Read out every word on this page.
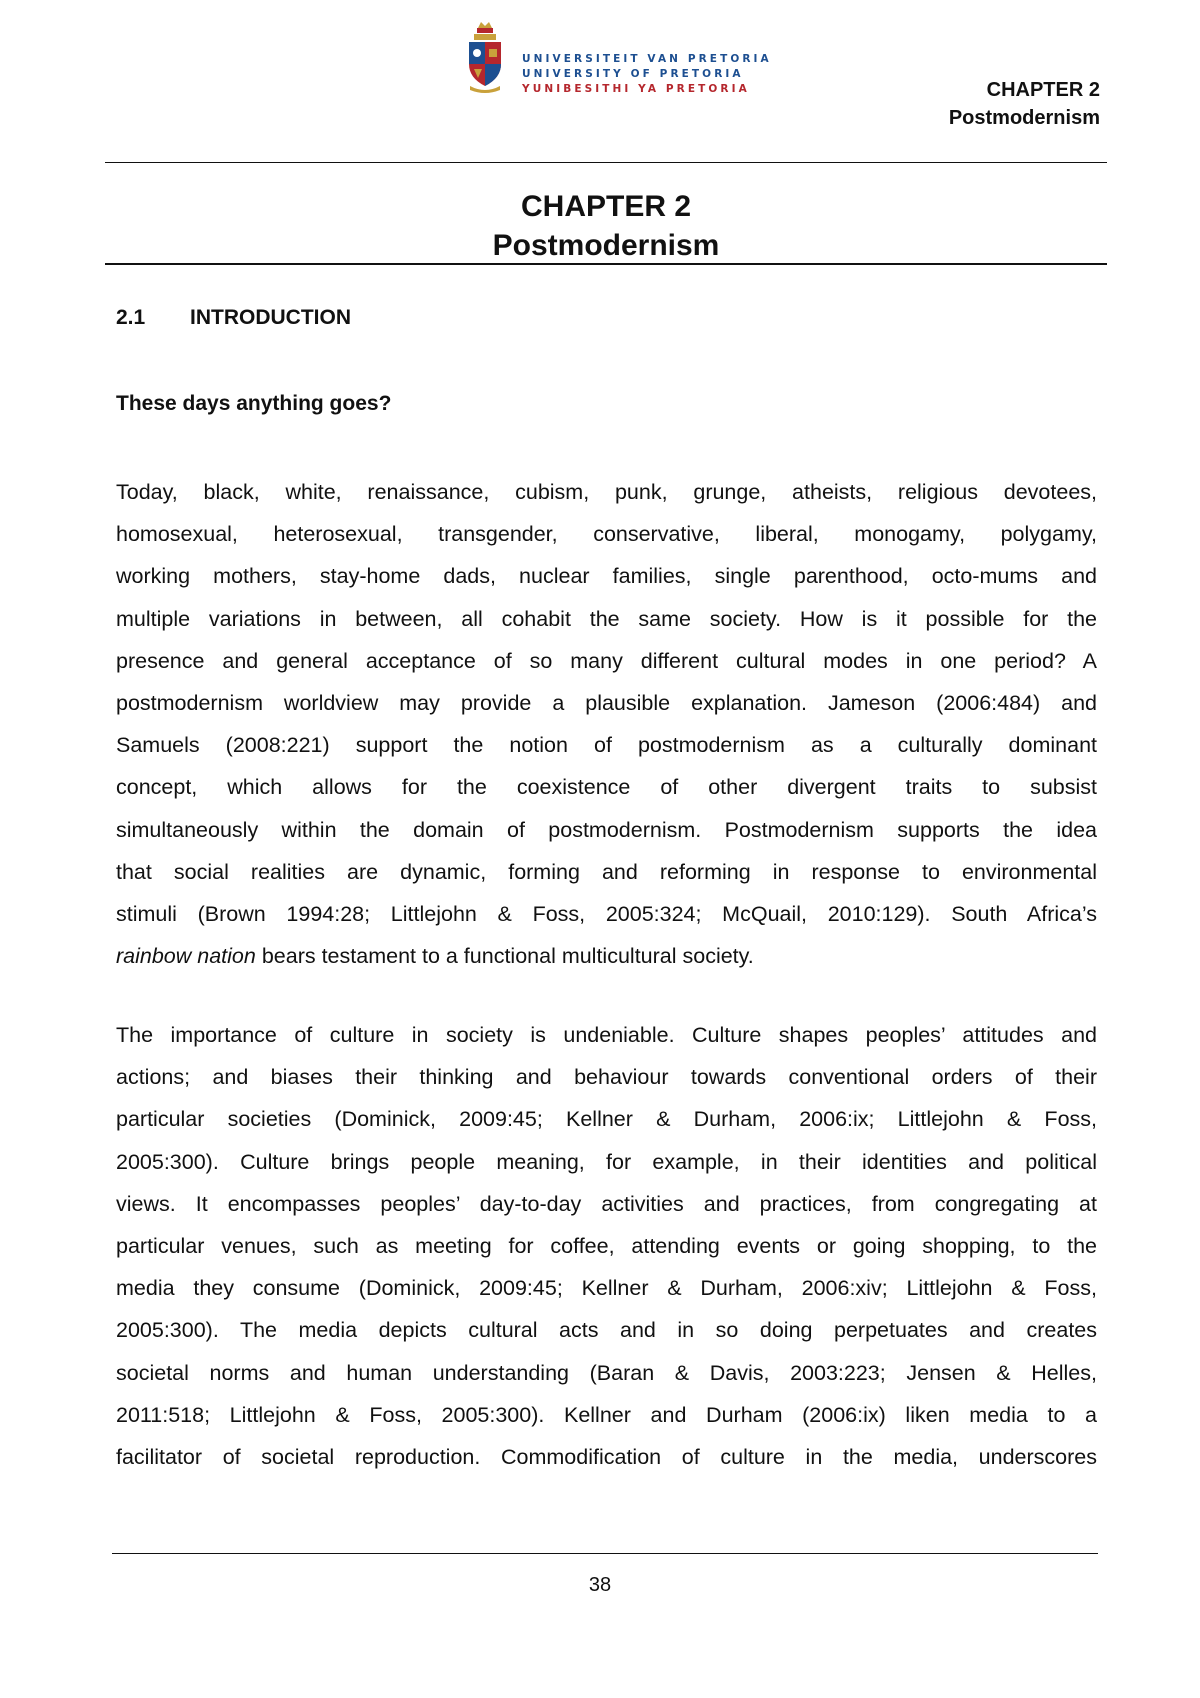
UNIVERSITEIT VAN PRETORIA
UNIVERSITY OF PRETORIA
YUNIBESITHI YA PRETORIA	CHAPTER 2
Postmodernism
CHAPTER 2
Postmodernism
2.1 INTRODUCTION
These days anything goes?
Today, black, white, renaissance, cubism, punk, grunge, atheists, religious devotees,
homosexual, heterosexual, transgender, conservative, liberal, monogamy, polygamy,
working mothers, stay-home dads, nuclear families, single parenthood, octo-mums and
multiple variations in between, all cohabit the same society. How is it possible for the
presence and general acceptance of so many different cultural modes in one period? A
postmodernism worldview may provide a plausible explanation. Jameson (2006:484) and
Samuels (2008:221) support the notion of postmodernism as a culturally dominant
concept, which allows for the coexistence of other divergent traits to subsist
simultaneously within the domain of postmodernism. Postmodernism supports the idea
that social realities are dynamic, forming and reforming in response to environmental
stimuli (Brown 1994:28; Littlejohn & Foss, 2005:324; McQuail, 2010:129). South Africa’s
rainbow nation bears testament to a functional multicultural society.
The importance of culture in society is undeniable. Culture shapes peoples’ attitudes and
actions; and biases their thinking and behaviour towards conventional orders of their
particular societies (Dominick, 2009:45; Kellner & Durham, 2006:ix; Littlejohn & Foss,
2005:300). Culture brings people meaning, for example, in their identities and political
views. It encompasses peoples’ day-to-day activities and practices, from congregating at
particular venues, such as meeting for coffee, attending events or going shopping, to the
media they consume (Dominick, 2009:45; Kellner & Durham, 2006:xiv; Littlejohn & Foss,
2005:300). The media depicts cultural acts and in so doing perpetuates and creates
societal norms and human understanding (Baran & Davis, 2003:223; Jensen & Helles,
2011:518; Littlejohn & Foss, 2005:300). Kellner and Durham (2006:ix) liken media to a
facilitator of societal reproduction. Commodification of culture in the media, underscores
38
